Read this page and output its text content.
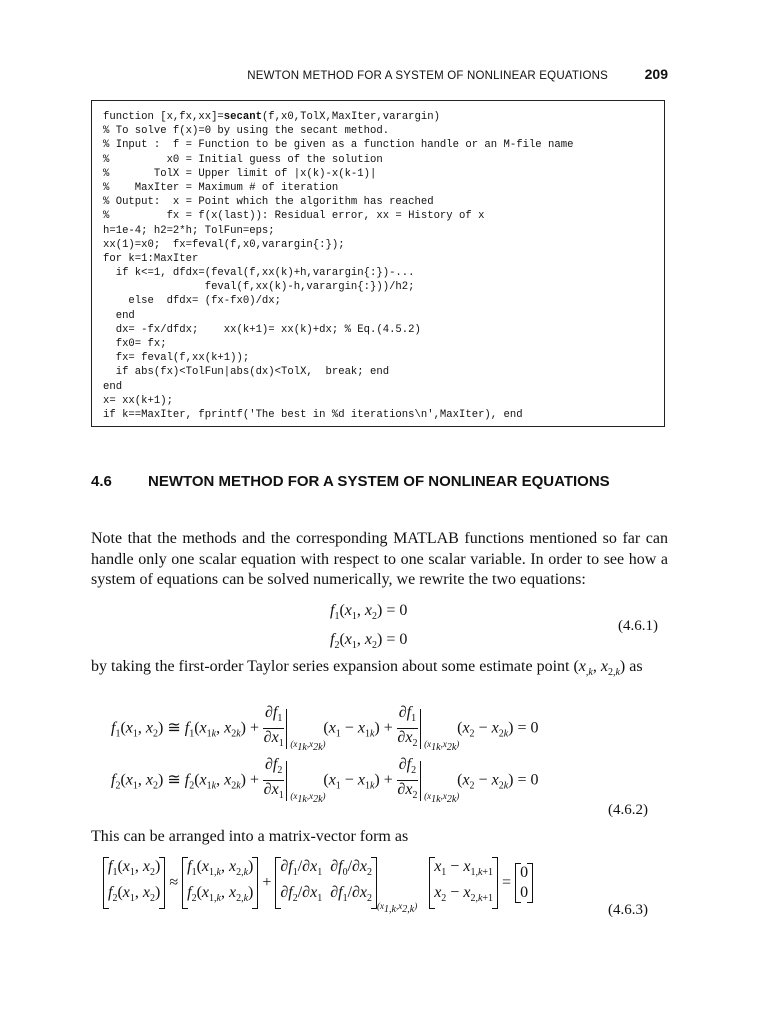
NEWTON METHOD FOR A SYSTEM OF NONLINEAR EQUATIONS	209
function [x,fx,xx]=secant(f,x0,TolX,MaxIter,varargin)
% To solve f(x)=0 by using the secant method.
% Input :  f = Function to be given as a function handle or an M-file name
%         x0 = Initial guess of the solution
%       TolX = Upper limit of |x(k)-x(k-1)|
%    MaxIter = Maximum # of iteration
% Output:  x = Point which the algorithm has reached
%         fx = f(x(last)): Residual error, xx = History of x
h=1e-4; h2=2*h; TolFun=eps;
xx(1)=x0;  fx=feval(f,x0,varargin{:});
for k=1:MaxIter
if k<=1, dfdx=(feval(f,xx(k)+h,varargin{:})-...
feval(f,xx(k)-h,varargin{:}))/h2;
else  dfdx= (fx-fx0)/dx;
end
dx= -fx/dfdx;    xx(k+1)= xx(k)+dx; % Eq.(4.5.2)
fx0= fx;
fx= feval(f,xx(k+1));
if abs(fx)<TolFun|abs(dx)<TolX,  break; end
end
x= xx(k+1);
if k==MaxIter, fprintf('The best in %d iterations\n',MaxIter), end
4.6 NEWTON METHOD FOR A SYSTEM OF NONLINEAR EQUATIONS
Note that the methods and the corresponding MATLAB functions mentioned so far can handle only one scalar equation with respect to one scalar variable. In order to see how a system of equations can be solved numerically, we rewrite the two equations:
$f_1(x_1$, $x_2) = 0$
$f_2(x_1$, $x_2) = 0$
(4.6.1)
by taking the first-order Taylor series expansion about some estimate point ($x_{,k}$, $x_{2,k}$) as
$f_1(x_1$, $x_2$) ≅ $f_1(x_{1k}$, $x_{2k}) + \frac{\partial f_1}{\partial x_1} (x_{1k},x_{2k})$
$(x_1 - x_{1k}) + \frac{\partial f_1}{\partial x_2} (x_{1k},x_{2k})$
$(x_2 - x_{2k}) = 0$
$f_2(x_1$, $x_2$) ≅ $f_2(x_{1k}$, $x_{2k}) + \frac{\partial f_2}{\partial x_1} (x_{1k},x_{2k})$
$(x_1 - x_{1k}) + \frac{\partial f_2}{\partial x_2} (x_{1k},x_{2k})$
$(x_2 - x_{2k}) = 0$
(4.6.2)
This can be arranged into a matrix-vector form as
$f_1(x_1$, $x_2$)
$f_2(x_1$, $x_2$)
≈
$f_1(x_{1,k}$, $x_{2,k}$)
$f_2(x_{1,k}$, $x_{2,k}$)
+
$\partial f_1/\partial x_1$  $\partial f_0/\partial x_2$
$\partial f_2/\partial x_1$  $\partial f_1/\partial x_2$
$_{(x_{1,k},x_{2,k})}$
$x_1 - x_{1,k+1}$
$x_2 - x_{2,k+1}$
=
0
0
(4.6.3)
